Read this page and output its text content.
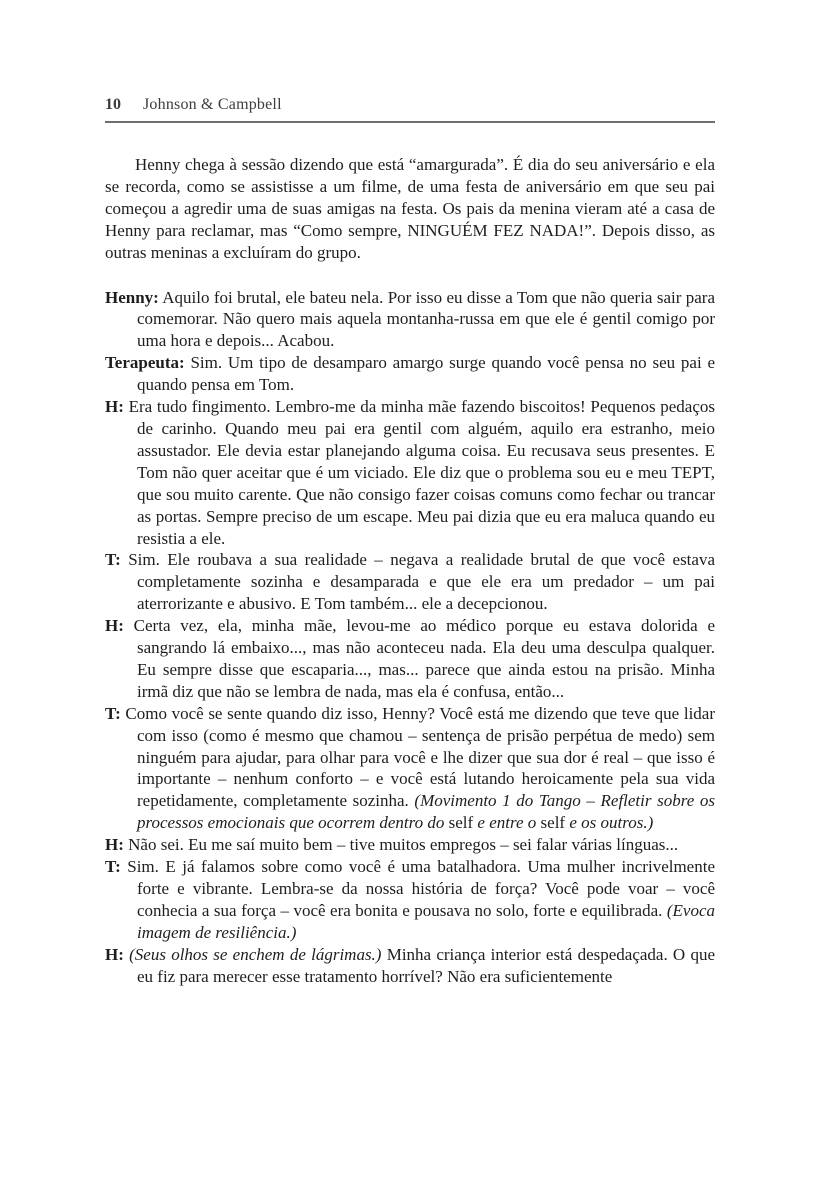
10 Johnson & Campbell

Henny chega à sessão dizendo que está “amargurada”. É dia do seu aniversário e ela se recorda, como se assistisse a um filme, de uma festa de aniversário em que seu pai começou a agredir uma de suas amigas na festa. Os pais da menina vieram até a casa de Henny para reclamar, mas “Como sempre, NINGUÉM FEZ NADA!”. Depois disso, as outras meninas a excluíram do grupo.

Henny: Aquilo foi brutal, ele bateu nela. Por isso eu disse a Tom que não queria sair para comemorar. Não quero mais aquela montanha-russa em que ele é gentil comigo por uma hora e depois... Acabou.

Terapeuta: Sim. Um tipo de desamparo amargo surge quando você pensa no seu pai e quando pensa em Tom.

H: Era tudo fingimento. Lembro-me da minha mãe fazendo biscoitos! Pequenos pedaços de carinho. Quando meu pai era gentil com alguém, aquilo era estranho, meio assustador. Ele devia estar planejando alguma coisa. Eu recusava seus presentes. E Tom não quer aceitar que é um viciado. Ele diz que o problema sou eu e meu TEPT, que sou muito carente. Que não consigo fazer coisas comuns como fechar ou trancar as portas. Sempre preciso de um escape. Meu pai dizia que eu era maluca quando eu resistia a ele.

T: Sim. Ele roubava a sua realidade – negava a realidade brutal de que você estava completamente sozinha e desamparada e que ele era um predador – um pai aterrorizante e abusivo. E Tom também... ele a decepcionou.

H: Certa vez, ela, minha mãe, levou-me ao médico porque eu estava dolorida e sangrando lá embaixo..., mas não aconteceu nada. Ela deu uma desculpa qualquer. Eu sempre disse que escaparia..., mas... parece que ainda estou na prisão. Minha irmã diz que não se lembra de nada, mas ela é confusa, então...

T: Como você se sente quando diz isso, Henny? Você está me dizendo que teve que lidar com isso (como é mesmo que chamou – sentença de prisão perpétua de medo) sem ninguém para ajudar, para olhar para você e lhe dizer que sua dor é real – que isso é importante – nenhum conforto – e você está lutando heroicamente pela sua vida repetidamente, completamente sozinha. (Movimento 1 do Tango – Refletir sobre os processos emocionais que ocorrem dentro do self e entre o self e os outros.)

H: Não sei. Eu me saí muito bem – tive muitos empregos – sei falar várias línguas...

T: Sim. E já falamos sobre como você é uma batalhadora. Uma mulher incrivelmente forte e vibrante. Lembra-se da nossa história de força? Você pode voar – você conhecia a sua força – você era bonita e pousava no solo, forte e equilibrada. (Evoca imagem de resiliência.)

H: (Seus olhos se enchem de lágrimas.) Minha criança interior está despedaçada. O que eu fiz para merecer esse tratamento horrível? Não era suficientemente
